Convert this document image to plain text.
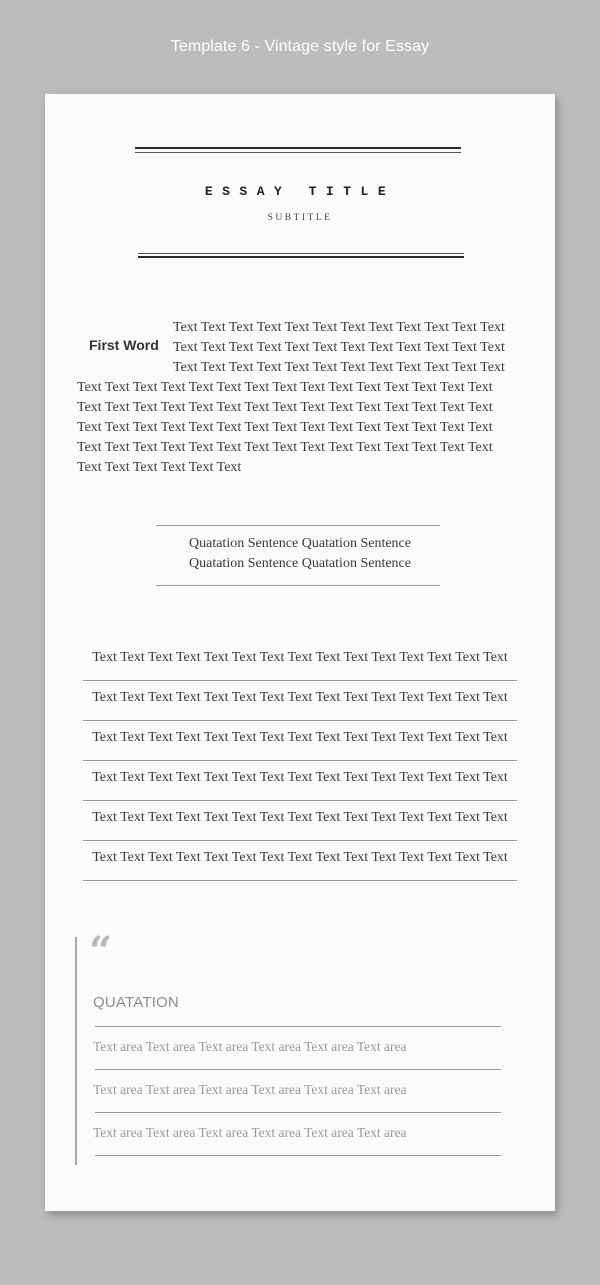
Template 6 - Vintage style for Essay
ESSAY TITLE
SUBTITLE
First Word
Text Text Text Text Text Text Text Text Text Text Text Text
Text Text Text Text Text Text Text Text Text Text Text Text
Text Text Text Text Text Text Text Text Text Text Text Text
Text Text Text Text Text Text Text Text Text Text Text Text Text Text Text
Text Text Text Text Text Text Text Text Text Text Text Text Text Text Text
Text Text Text Text Text Text Text Text Text Text Text Text Text Text Text
Text Text Text Text Text Text Text Text Text Text Text Text Text Text Text
Text Text Text Text Text Text
Quatation Sentence Quatation Sentence
Quatation Sentence Quatation Sentence
Text Text Text Text Text Text Text Text Text Text Text Text Text Text Text
Text Text Text Text Text Text Text Text Text Text Text Text Text Text Text
Text Text Text Text Text Text Text Text Text Text Text Text Text Text Text
Text Text Text Text Text Text Text Text Text Text Text Text Text Text Text
Text Text Text Text Text Text Text Text Text Text Text Text Text Text Text
Text Text Text Text Text Text Text Text Text Text Text Text Text Text Text
“
QUATATION
Text area Text area Text area Text area Text area Text area
Text area Text area Text area Text area Text area Text area
Text area Text area Text area Text area Text area Text area
